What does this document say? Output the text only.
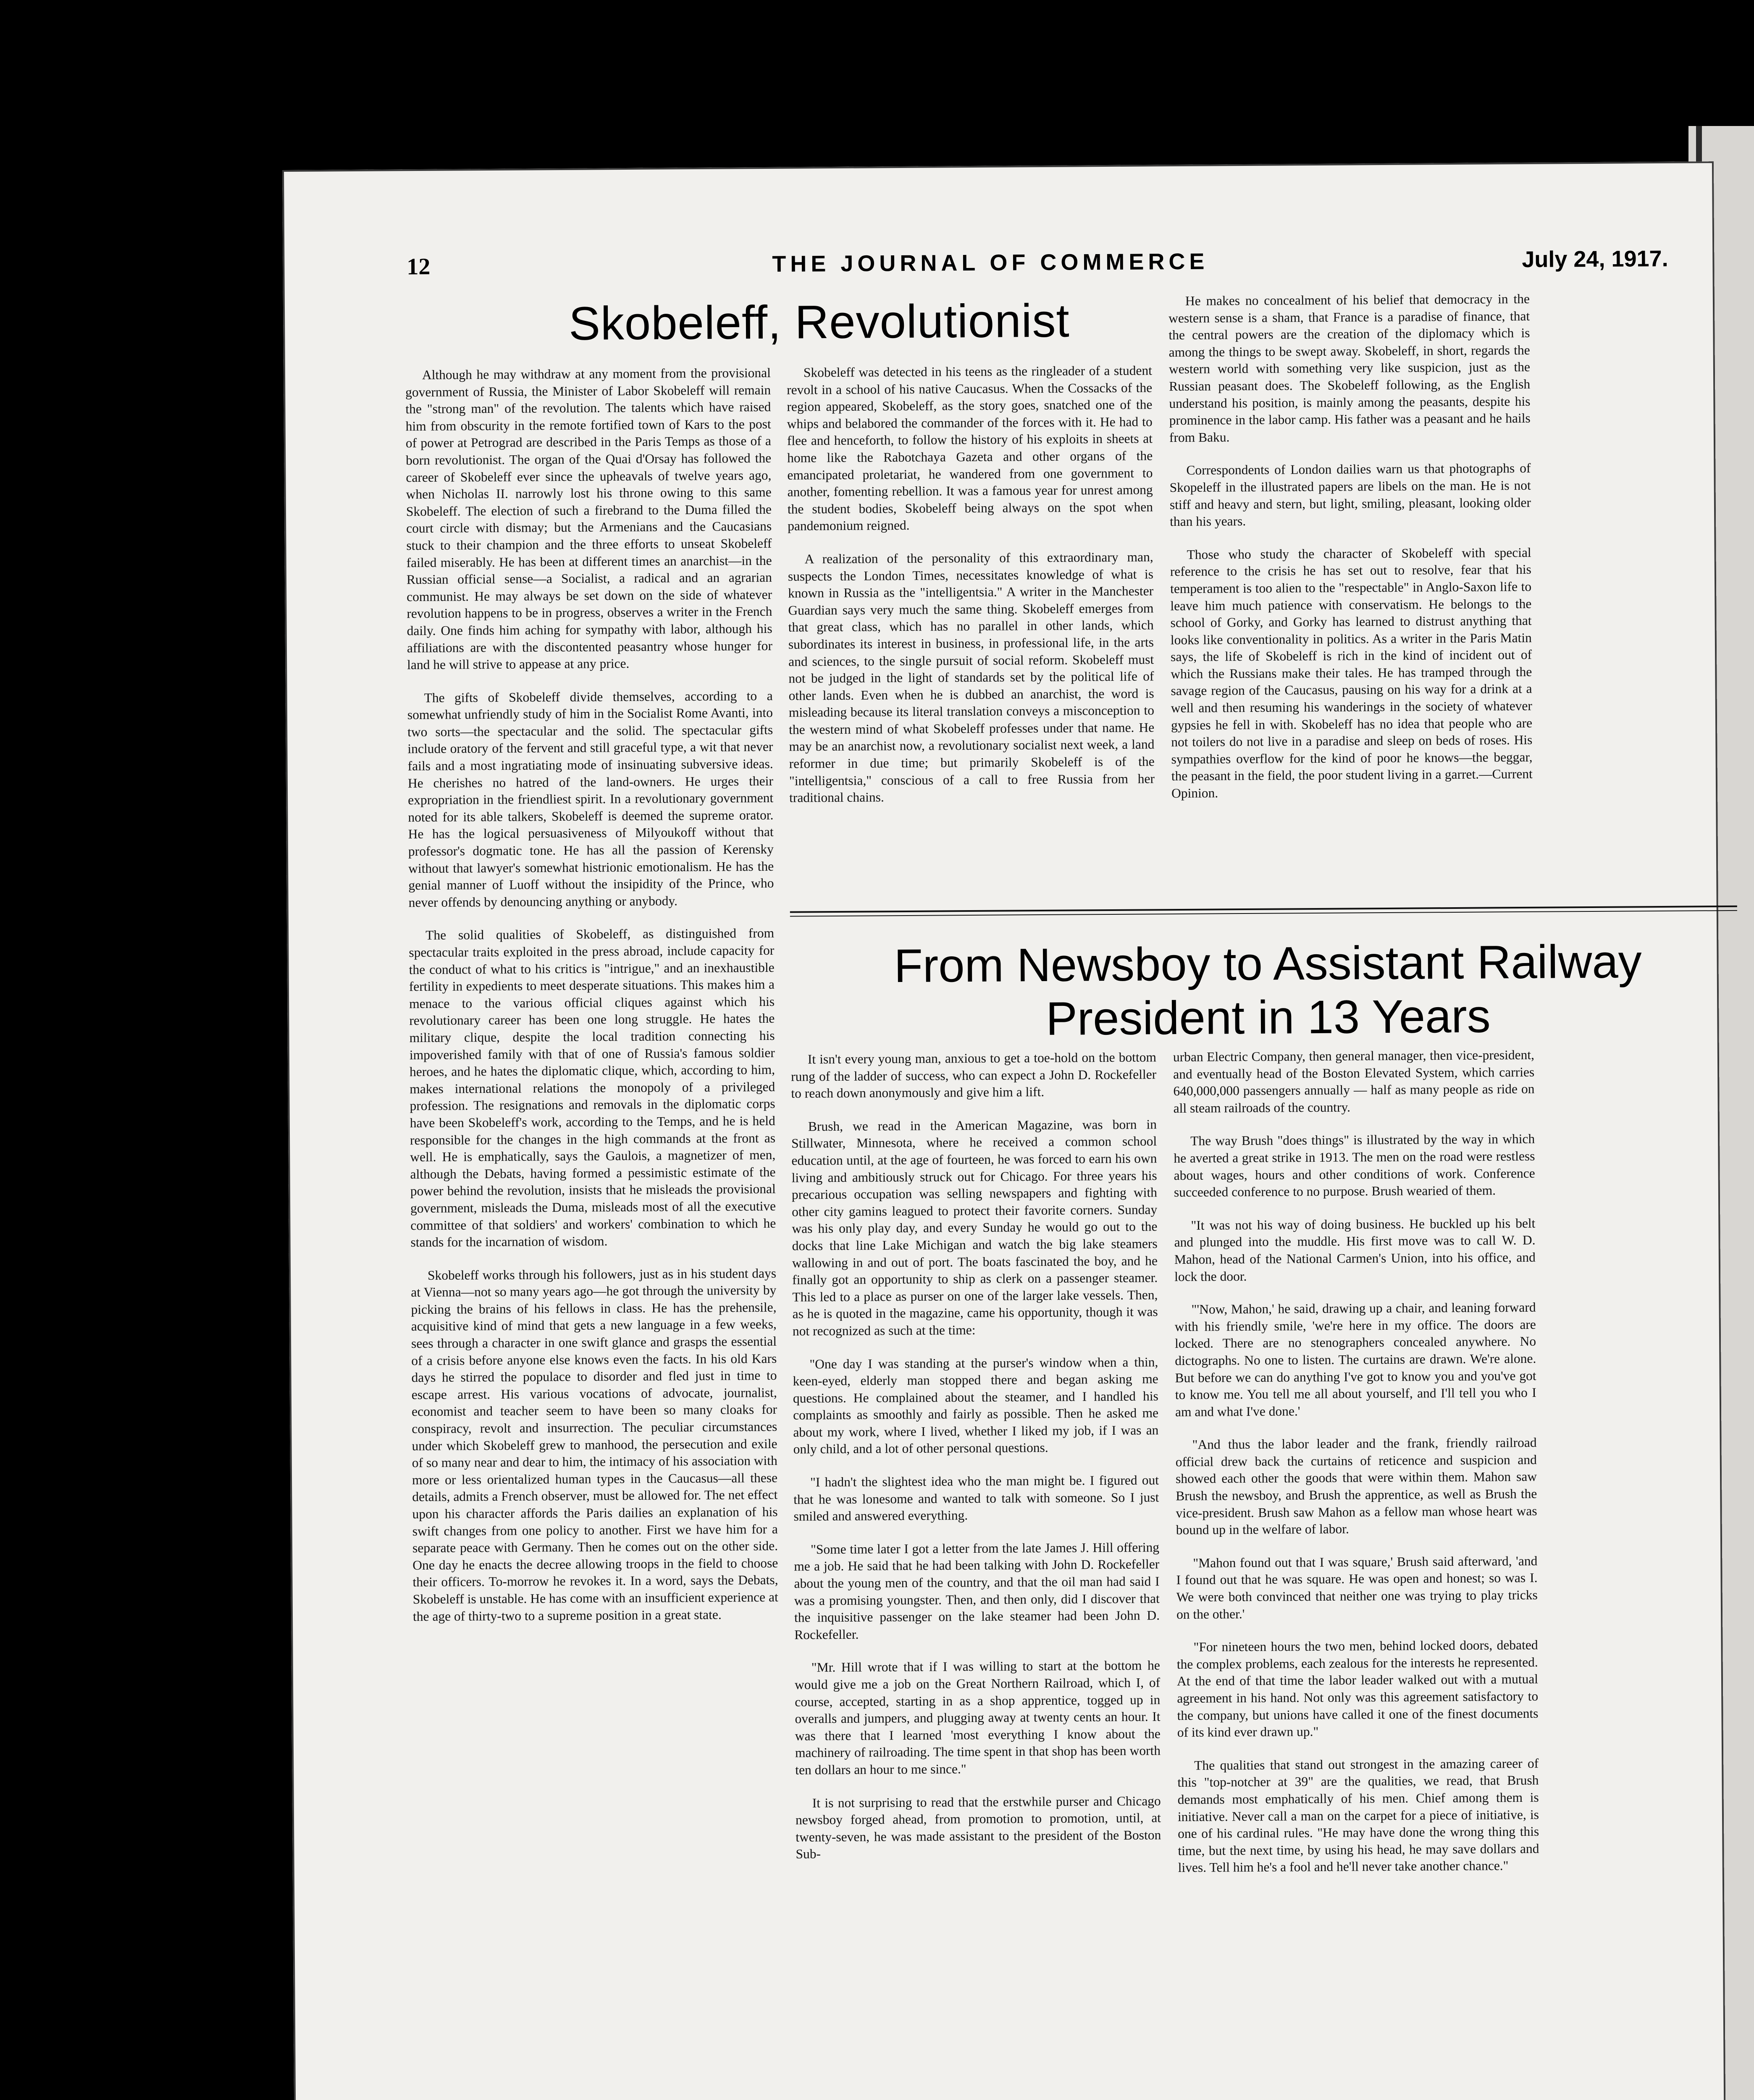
12	THE JOURNAL OF COMMERCE	July 24, 1917.
Skobeleff, Revolutionist

Although he may withdraw at any moment from the provisional government of Russia, the Minister of Labor Skobeleff will remain the "strong man" of the revolution. The talents which have raised him from obscurity in the remote fortified town of Kars to the post of power at Petrograd are described in the Paris Temps as those of a born revolutionist. The organ of the Quai d'Orsay has followed the career of Skobeleff ever since the upheavals of twelve years ago, when Nicholas II. narrowly lost his throne owing to this same Skobeleff. The election of such a firebrand to the Duma filled the court circle with dismay; but the Armenians and the Caucasians stuck to their champion and the three efforts to unseat Skobeleff failed miserably. He has been at different times an anarchist—in the Russian official sense—a Socialist, a radical and an agrarian communist. He may always be set down on the side of whatever revolution happens to be in progress, observes a writer in the French daily. One finds him aching for sympathy with labor, although his affiliations are with the discontented peasantry whose hunger for land he will strive to appease at any price.

The gifts of Skobeleff divide themselves, according to a somewhat unfriendly study of him in the Socialist Rome Avanti, into two sorts—the spectacular and the solid. The spectacular gifts include oratory of the fervent and still graceful type, a wit that never fails and a most ingratiating mode of insinuating subversive ideas. He cherishes no hatred of the land-owners. He urges their expropriation in the friendliest spirit. In a revolutionary government noted for its able talkers, Skobeleff is deemed the supreme orator. He has the logical persuasiveness of Milyoukoff without that professor's dogmatic tone. He has all the passion of Kerensky without that lawyer's somewhat histrionic emotionalism. He has the genial manner of Luoff without the insipidity of the Prince, who never offends by denouncing anything or anybody.

The solid qualities of Skobeleff, as distinguished from spectacular traits exploited in the press abroad, include capacity for the conduct of what to his critics is "intrigue," and an inexhaustible fertility in expedients to meet desperate situations. This makes him a menace to the various official cliques against which his revolutionary career has been one long struggle. He hates the military clique, despite the local tradition connecting his impoverished family with that of one of Russia's famous soldier heroes, and he hates the diplomatic clique, which, according to him, makes international relations the monopoly of a privileged profession. The resignations and removals in the diplomatic corps have been Skobeleff's work, according to the Temps, and he is held responsible for the changes in the high commands at the front as well. He is emphatically, says the Gaulois, a magnetizer of men, although the Debats, having formed a pessimistic estimate of the power behind the revolution, insists that he misleads the provisional government, misleads the Duma, misleads most of all the executive committee of that soldiers' and workers' combination to which he stands for the incarnation of wisdom.

Skobeleff works through his followers, just as in his student days at Vienna—not so many years ago—he got through the university by picking the brains of his fellows in class. He has the prehensile, acquisitive kind of mind that gets a new language in a few weeks, sees through a character in one swift glance and grasps the essential of a crisis before anyone else knows even the facts. In his old Kars days he stirred the populace to disorder and fled just in time to escape arrest. His various vocations of advocate, journalist, economist and teacher seem to have been so many cloaks for conspiracy, revolt and insurrection. The peculiar circumstances under which Skobeleff grew to manhood, the persecution and exile of so many near and dear to him, the intimacy of his association with more or less orientalized human types in the Caucasus—all these details, admits a French observer, must be allowed for. The net effect upon his character affords the Paris dailies an explanation of his swift changes from one policy to another. First we have him for a separate peace with Germany. Then he comes out on the other side. One day he enacts the decree allowing troops in the field to choose their officers. To-morrow he revokes it. In a word, says the Debats, Skobeleff is unstable. He has come with an insufficient experience at the age of thirty-two to a supreme position in a great state.

Skobeleff was detected in his teens as the ringleader of a student revolt in a school of his native Caucasus. When the Cossacks of the region appeared, Skobeleff, as the story goes, snatched one of the whips and belabored the commander of the forces with it. He had to flee and henceforth, to follow the history of his exploits in sheets at home like the Rabotchaya Gazeta and other organs of the emancipated proletariat, he wandered from one government to another, fomenting rebellion. It was a famous year for unrest among the student bodies, Skobeleff being always on the spot when pandemonium reigned.

A realization of the personality of this extraordinary man, suspects the London Times, necessitates knowledge of what is known in Russia as the "intelligentsia." A writer in the Manchester Guardian says very much the same thing. Skobeleff emerges from that great class, which has no parallel in other lands, which subordinates its interest in business, in professional life, in the arts and sciences, to the single pursuit of social reform. Skobeleff must not be judged in the light of standards set by the political life of other lands. Even when he is dubbed an anarchist, the word is misleading because its literal translation conveys a misconception to the western mind of what Skobeleff professes under that name. He may be an anarchist now, a revolutionary socialist next week, a land reformer in due time; but primarily Skobeleff is of the "intelligentsia," conscious of a call to free Russia from her traditional chains.

He makes no concealment of his belief that democracy in the western sense is a sham, that France is a paradise of finance, that the central powers are the creation of the diplomacy which is among the things to be swept away. Skobeleff, in short, regards the western world with something very like suspicion, just as the Russian peasant does. The Skobeleff following, as the English understand his position, is mainly among the peasants, despite his prominence in the labor camp. His father was a peasant and he hails from Baku.

Correspondents of London dailies warn us that photographs of Skopeleff in the illustrated papers are libels on the man. He is not stiff and heavy and stern, but light, smiling, pleasant, looking older than his years.

Those who study the character of Skobeleff with special reference to the crisis he has set out to resolve, fear that his temperament is too alien to the "respectable" in Anglo-Saxon life to leave him much patience with conservatism. He belongs to the school of Gorky, and Gorky has learned to distrust anything that looks like conventionality in politics. As a writer in the Paris Matin says, the life of Skobeleff is rich in the kind of incident out of which the Russians make their tales. He has tramped through the savage region of the Caucasus, pausing on his way for a drink at a well and then resuming his wanderings in the society of whatever gypsies he fell in with. Skobeleff has no idea that people who are not toilers do not live in a paradise and sleep on beds of roses. His sympathies overflow for the kind of poor he knows—the beggar, the peasant in the field, the poor student living in a garret.—Current Opinion.

From Newsboy to Assistant Railway
President in 13 Years

It isn't every young man, anxious to get a toe-hold on the bottom rung of the ladder of success, who can expect a John D. Rockefeller to reach down anonymously and give him a lift.

Brush, we read in the American Magazine, was born in Stillwater, Minnesota, where he received a common school education until, at the age of fourteen, he was forced to earn his own living and ambitiously struck out for Chicago. For three years his precarious occupation was selling newspapers and fighting with other city gamins leagued to protect their favorite corners. Sunday was his only play day, and every Sunday he would go out to the docks that line Lake Michigan and watch the big lake steamers wallowing in and out of port. The boats fascinated the boy, and he finally got an opportunity to ship as clerk on a passenger steamer. This led to a place as purser on one of the larger lake vessels. Then, as he is quoted in the magazine, came his opportunity, though it was not recognized as such at the time:

"One day I was standing at the purser's window when a thin, keen-eyed, elderly man stopped there and began asking me questions. He complained about the steamer, and I handled his complaints as smoothly and fairly as possible. Then he asked me about my work, where I lived, whether I liked my job, if I was an only child, and a lot of other personal questions.

"I hadn't the slightest idea who the man might be. I figured out that he was lonesome and wanted to talk with someone. So I just smiled and answered everything.

"Some time later I got a letter from the late James J. Hill offering me a job. He said that he had been talking with John D. Rockefeller about the young men of the country, and that the oil man had said I was a promising youngster. Then, and then only, did I discover that the inquisitive passenger on the lake steamer had been John D. Rockefeller.

"Mr. Hill wrote that if I was willing to start at the bottom he would give me a job on the Great Northern Railroad, which I, of course, accepted, starting in as a shop apprentice, togged up in overalls and jumpers, and plugging away at twenty cents an hour. It was there that I learned 'most everything I know about the machinery of railroading. The time spent in that shop has been worth ten dollars an hour to me since."

It is not surprising to read that the erstwhile purser and Chicago newsboy forged ahead, from promotion to promotion, until, at twenty-seven, he was made assistant to the president of the Boston Sub-

urban Electric Company, then general manager, then vice-president, and eventually head of the Boston Elevated System, which carries 640,000,000 passengers annually — half as many people as ride on all steam railroads of the country.

The way Brush "does things" is illustrated by the way in which he averted a great strike in 1913. The men on the road were restless about wages, hours and other conditions of work. Conference succeeded conference to no purpose. Brush wearied of them.

"It was not his way of doing business. He buckled up his belt and plunged into the muddle. His first move was to call W. D. Mahon, head of the National Carmen's Union, into his office, and lock the door.

"'Now, Mahon,' he said, drawing up a chair, and leaning forward with his friendly smile, 'we're here in my office. The doors are locked. There are no stenographers concealed anywhere. No dictographs. No one to listen. The curtains are drawn. We're alone. But before we can do anything I've got to know you and you've got to know me. You tell me all about yourself, and I'll tell you who I am and what I've done.'

"And thus the labor leader and the frank, friendly railroad official drew back the curtains of reticence and suspicion and showed each other the goods that were within them. Mahon saw Brush the newsboy, and Brush the apprentice, as well as Brush the vice-president. Brush saw Mahon as a fellow man whose heart was bound up in the welfare of labor.

"Mahon found out that I was square,' Brush said afterward, 'and I found out that he was square. He was open and honest; so was I. We were both convinced that neither one was trying to play tricks on the other.'

"For nineteen hours the two men, behind locked doors, debated the complex problems, each zealous for the interests he represented. At the end of that time the labor leader walked out with a mutual agreement in his hand. Not only was this agreement satisfactory to the company, but unions have called it one of the finest documents of its kind ever drawn up."

The qualities that stand out strongest in the amazing career of this "top-notcher at 39" are the qualities, we read, that Brush demands most emphatically of his men. Chief among them is initiative. Never call a man on the carpet for a piece of initiative, is one of his cardinal rules. "He may have done the wrong thing this time, but the next time, by using his head, he may save dollars and lives. Tell him he's a fool and he'll never take another chance."
